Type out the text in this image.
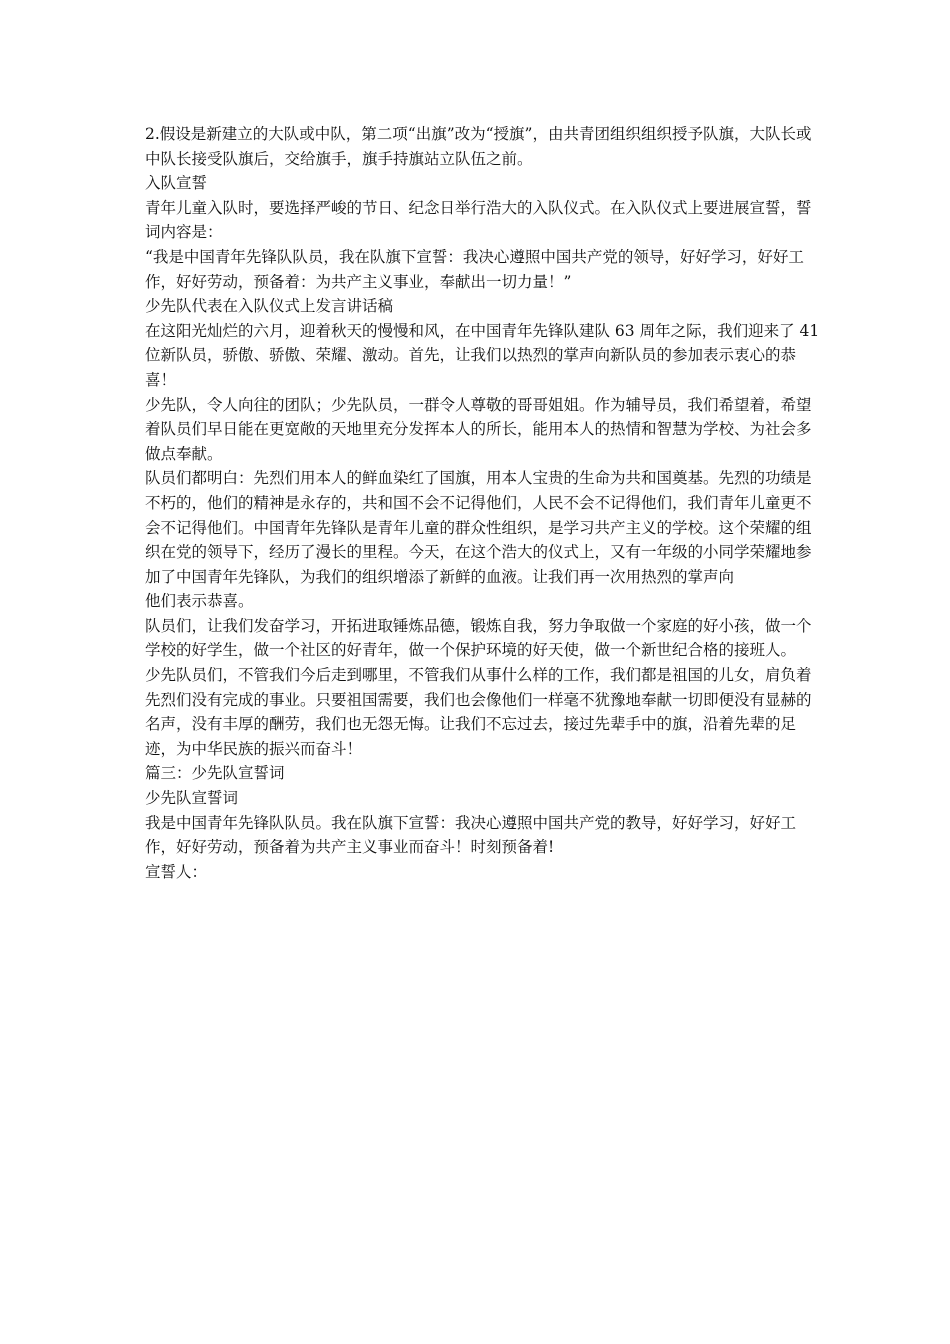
2.假设是新建立的大队或中队，第二项“出旗”改为“授旗”，由共青团组织组织授予队旗，大队长或中队长接受队旗后，交给旗手，旗手持旗站立队伍之前。

入队宣誓

青年儿童入队时，要选择严峻的节日、纪念日举行浩大的入队仪式。在入队仪式上要进展宣誓，誓词内容是：

“我是中国青年先锋队队员，我在队旗下宣誓：我决心遵照中国共产党的领导，好好学习，好好工作，好好劳动，预备着：为共产主义事业，奉献出一切力量！”

少先队代表在入队仪式上发言讲话稿

在这阳光灿烂的六月，迎着秋天的慢慢和风，在中国青年先锋队建队 63 周年之际，我们迎来了 41 位新队员，骄傲、骄傲、荣耀、激动。首先，让我们以热烈的掌声向新队员的参加表示衷心的恭喜！

少先队，令人向往的团队；少先队员，一群令人尊敬的哥哥姐姐。作为辅导员，我们希望着，希望着队员们早日能在更宽敞的天地里充分发挥本人的所长，能用本人的热情和智慧为学校、为社会多做点奉献。

队员们都明白：先烈们用本人的鲜血染红了国旗，用本人宝贵的生命为共和国奠基。先烈的功绩是不朽的，他们的精神是永存的，共和国不会不记得他们，人民不会不记得他们，我们青年儿童更不会不记得他们。中国青年先锋队是青年儿童的群众性组织，是学习共产主义的学校。这个荣耀的组织在党的领导下，经历了漫长的里程。今天，在这个浩大的仪式上，又有一年级的小同学荣耀地参加了中国青年先锋队，为我们的组织增添了新鲜的血液。让我们再一次用热烈的掌声向

他们表示恭喜。

队员们，让我们发奋学习，开拓进取锤炼品德，锻炼自我，努力争取做一个家庭的好小孩，做一个学校的好学生，做一个社区的好青年，做一个保护环境的好天使，做一个新世纪合格的接班人。

少先队员们，不管我们今后走到哪里，不管我们从事什么样的工作，我们都是祖国的儿女，肩负着先烈们没有完成的事业。只要祖国需要，我们也会像他们一样毫不犹豫地奉献一切即便没有显赫的名声，没有丰厚的酬劳，我们也无怨无悔。让我们不忘过去，接过先辈手中的旗，沿着先辈的足迹，为中华民族的振兴而奋斗！

篇三：少先队宣誓词

少先队宣誓词

我是中国青年先锋队队员。我在队旗下宣誓：我决心遵照中国共产党的教导，好好学习，好好工作，好好劳动，预备着为共产主义事业而奋斗！时刻预备着!

宣誓人：
